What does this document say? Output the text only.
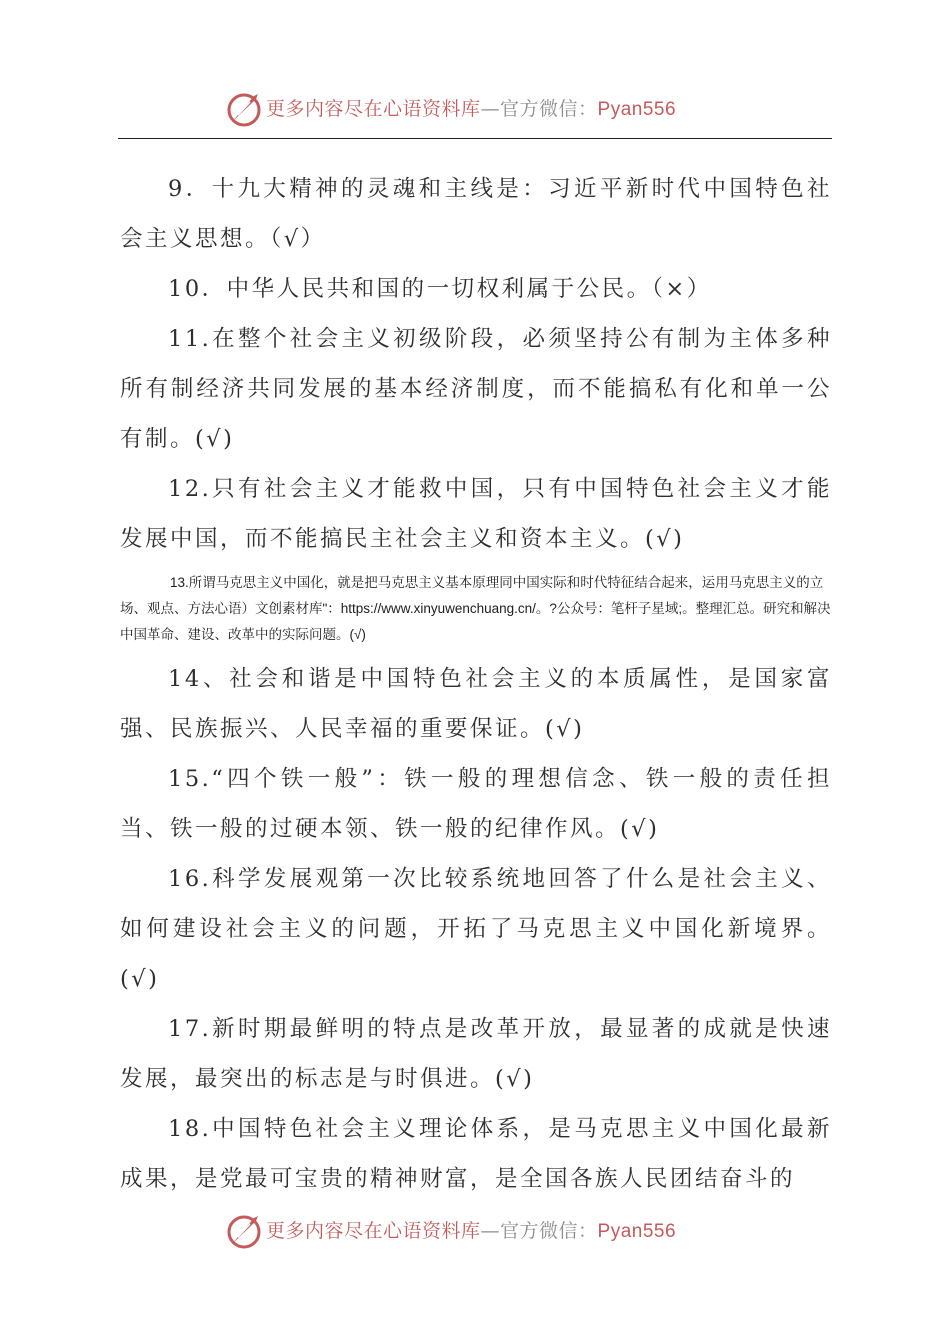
更多内容尽在心语资料库—官方微信：Pyan556

9．十九大精神的灵魂和主线是：习近平新时代中国特色社会主义思想。（√）

10．中华人民共和国的一切权利属于公民。（×）

11.在整个社会主义初级阶段，必须坚持公有制为主体多种所有制经济共同发展的基本经济制度，而不能搞私有化和单一公有制。(√)

12.只有社会主义才能救中国，只有中国特色社会主义才能发展中国，而不能搞民主社会主义和资本主义。(√)

13.所谓马克思主义中国化，就是把马克思主义基本原理同中国实际和时代特征结合起来，运用马克思主义的立场、观点、方法心语）文创素材库"：https://www.xinyuwenchuang.cn/。?公众号：笔杆子星域;。整理汇总。研究和解决中国革命、建设、改革中的实际问题。(√)

14、社会和谐是中国特色社会主义的本质属性，是国家富强、民族振兴、人民幸福的重要保证。(√)

15.“四个铁一般”：铁一般的理想信念、铁一般的责任担当、铁一般的过硬本领、铁一般的纪律作风。(√)

16.科学发展观第一次比较系统地回答了什么是社会主义、如何建设社会主义的问题，开拓了马克思主义中国化新境界。(√)

17.新时期最鲜明的特点是改革开放，最显著的成就是快速发展，最突出的标志是与时俱进。(√)

18.中国特色社会主义理论体系，是马克思主义中国化最新成果，是党最可宝贵的精神财富，是全国各族人民团结奋斗的

更多内容尽在心语资料库—官方微信：Pyan556
